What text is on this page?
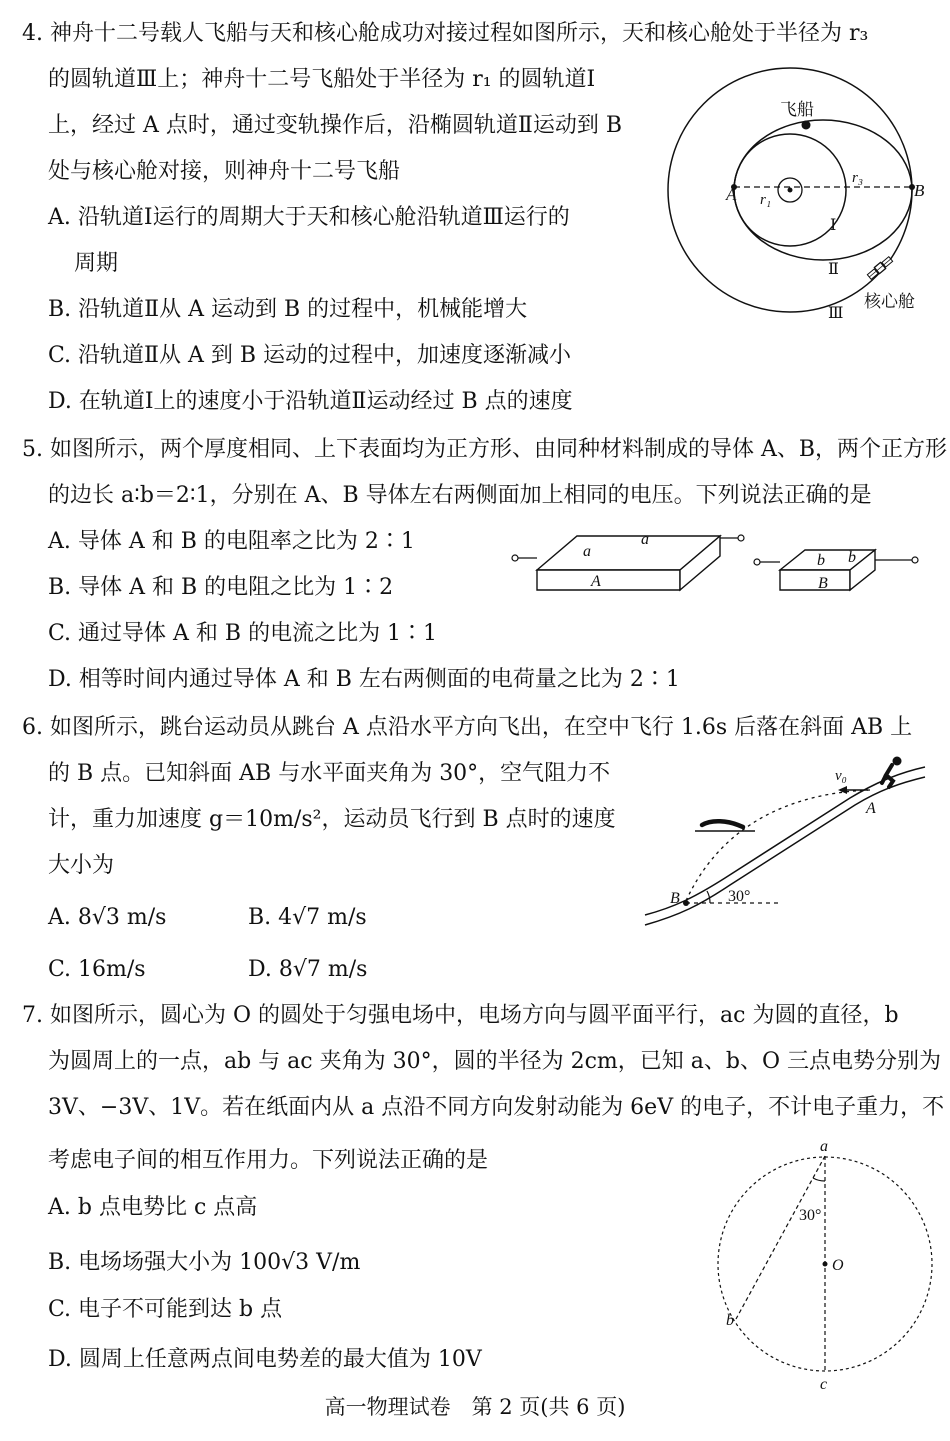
4. 神舟十二号载人飞船与天和核心舱成功对接过程如图所示，天和核心舱处于半径为 r₃
的圆轨道Ⅲ上；神舟十二号飞船处于半径为 r₁ 的圆轨道Ⅰ
上，经过 A 点时，通过变轨操作后，沿椭圆轨道Ⅱ运动到 B
处与核心舱对接，则神舟十二号飞船
A. 沿轨道Ⅰ运行的周期大于天和核心舱沿轨道Ⅲ运行的
周期
B. 沿轨道Ⅱ从 A 运动到 B 的过程中，机械能增大
C. 沿轨道Ⅱ从 A 到 B 运动的过程中，加速度逐渐减小
D. 在轨道Ⅰ上的速度小于沿轨道Ⅱ运动经过 B 点的速度
飞船
A	B
r₁
r₃
Ⅰ
Ⅱ
Ⅲ
核心舱
5. 如图所示，两个厚度相同、上下表面均为正方形、由同种材料制成的导体 A、B，两个正方形
的边长 a∶b＝2∶1，分别在 A、B 导体左右两侧面加上相同的电压。下列说法正确的是
A. 导体 A 和 B 的电阻率之比为 2∶1
B. 导体 A 和 B 的电阻之比为 1∶2
C. 通过导体 A 和 B 的电流之比为 1∶1
D. 相等时间内通过导体 A 和 B 左右两侧面的电荷量之比为 2∶1
a
a
A
b b
B
6. 如图所示，跳台运动员从跳台 A 点沿水平方向飞出，在空中飞行 1.6s 后落在斜面 AB 上
的 B 点。已知斜面 AB 与水平面夹角为 30°，空气阻力不
计，重力加速度 g＝10m/s²，运动员飞行到 B 点时的速度
大小为
A. 8√3 m/s	B. 4√7 m/s
C. 16m/s	D. 8√7 m/s
v₀
A
B	30°
7. 如图所示，圆心为 O 的圆处于匀强电场中，电场方向与圆平面平行，ac 为圆的直径，b
为圆周上的一点，ab 与 ac 夹角为 30°，圆的半径为 2cm，已知 a、b、O 三点电势分别为
3V、−3V、1V。若在纸面内从 a 点沿不同方向发射动能为 6eV 的电子，不计电子重力，不
考虑电子间的相互作用力。下列说法正确的是
A. b 点电势比 c 点高
B. 电场场强大小为 100√3 V/m
C. 电子不可能到达 b 点
D. 圆周上任意两点间电势差的最大值为 10V
a
b
c
O
30°
高一物理试卷　第 2 页(共 6 页)
